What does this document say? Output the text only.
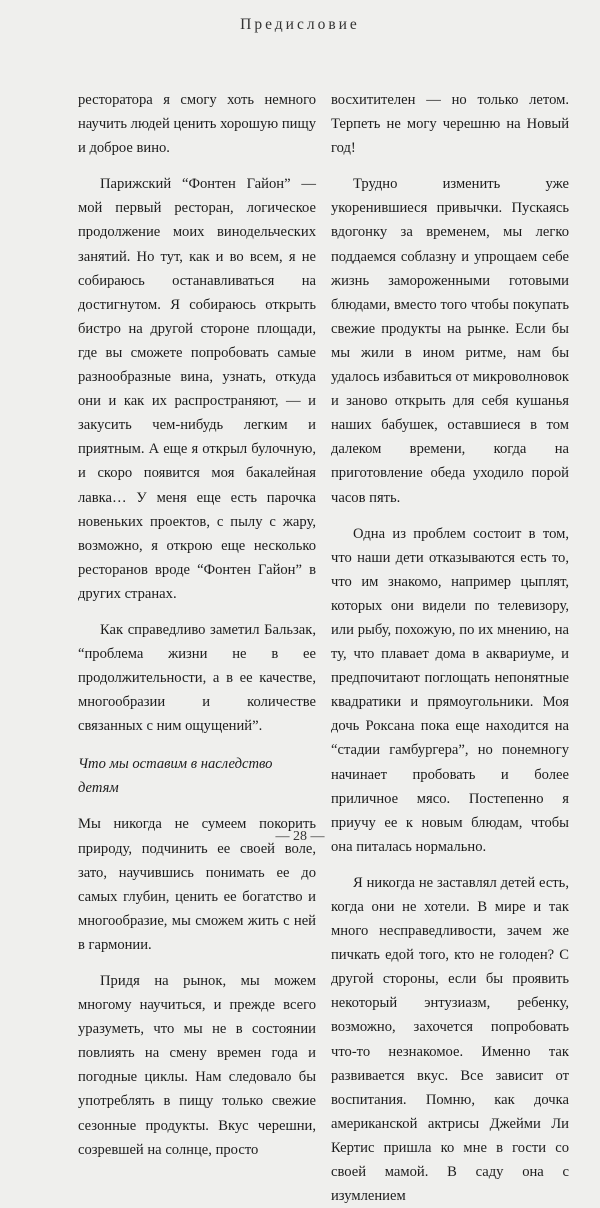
Предисловие

ресторатора я смогу хоть немного научить людей ценить хорошую пищу и доброе вино.

Парижский “Фонтен Гайон” — мой первый ресторан, логическое продолжение моих винодельческих занятий. Но тут, как и во всем, я не собираюсь останавливаться на достигнутом. Я собираюсь открыть бистро на другой стороне площади, где вы сможете попробовать самые разнообразные вина, узнать, откуда они и как их распространяют, — и закусить чем-нибудь легким и приятным. А еще я открыл булочную, и скоро появится моя бакалейная лавка… У меня еще есть парочка новеньких проектов, с пылу с жару, возможно, я открою еще несколько ресторанов вроде “Фонтен Гайон” в других странах.

Как справедливо заметил Бальзак, “проблема жизни не в ее продолжительности, а в ее качестве, многообразии и количестве связанных с ним ощущений”.

Что мы оставим в наследство детям

Мы никогда не сумеем покорить природу, подчинить ее своей воле, зато, научившись понимать ее до самых глубин, ценить ее богатство и многообразие, мы сможем жить с ней в гармонии.

Придя на рынок, мы можем многому научиться, и прежде всего уразуметь, что мы не в состоянии повлиять на смену времен года и погодные циклы. Нам следовало бы употреблять в пищу только свежие сезонные продукты. Вкус черешни, созревшей на солнце, просто

восхитителен — но только летом. Терпеть не могу черешню на Новый год!

Трудно изменить уже укоренившиеся привычки. Пускаясь вдогонку за временем, мы легко поддаемся соблазну и упрощаем себе жизнь замороженными готовыми блюдами, вместо того чтобы покупать свежие продукты на рынке. Если бы мы жили в ином ритме, нам бы удалось избавиться от микроволновок и заново открыть для себя кушанья наших бабушек, оставшиеся в том далеком времени, когда на приготовление обеда уходило порой часов пять.

Одна из проблем состоит в том, что наши дети отказываются есть то, что им знакомо, например цыплят, которых они видели по телевизору, или рыбу, похожую, по их мнению, на ту, что плавает дома в аквариуме, и предпочитают поглощать непонятные квадратики и прямоугольники. Моя дочь Роксана пока еще находится на “стадии гамбургера”, но понемногу начинает пробовать и более приличное мясо. Постепенно я приучу ее к новым блюдам, чтобы она питалась нормально.

Я никогда не заставлял детей есть, когда они не хотели. В мире и так много несправедливости, зачем же пичкать едой того, кто не голоден? С другой стороны, если бы проявить некоторый энтузиазм, ребенку, возможно, захочется попробовать что-то незнакомое. Именно так развивается вкус. Все зависит от воспитания. Помню, как дочка американской актрисы Джейми Ли Кертис пришла ко мне в гости со своей мамой. В саду она с изумлением

— 28 —
